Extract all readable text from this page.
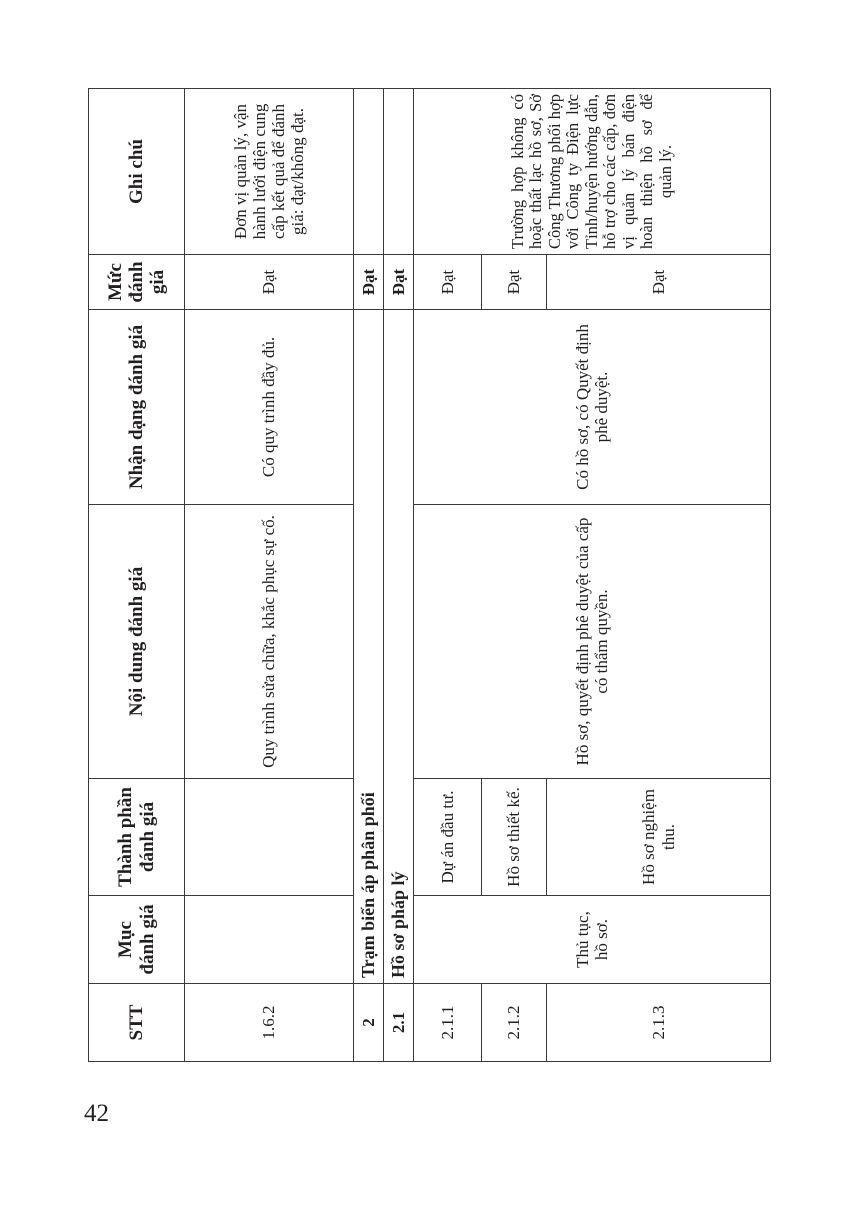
STT	Mục đánh giá	Thành phần đánh giá	Nội dung đánh giá	Nhận dạng đánh giá	Mức đánh giá	Ghi chú
1.6.2			Quy trình sửa chữa, khắc phục sự cố.	Có quy trình đầy đủ.	Đạt	Đơn vị quản lý, vận hành lưới điện cung cấp kết quả để đánh giá: đạt/không đạt.
2	Trạm biến áp phân phối				Đạt	
2.1	Hồ sơ pháp lý				Đạt	
2.1.1	Thủ tục, hồ sơ.	Dự án đầu tư.	Hồ sơ, quyết định phê duyệt của cấp có thẩm quyền.	Có hồ sơ, có Quyết định phê duyệt.	Đạt	Trường hợp không có hoặc thất lạc hồ sơ, Sở Công Thương phối hợp với Công ty Điện lực Tỉnh/huyện hướng dẫn, hỗ trợ cho các cấp, đơn vị quản lý bán điện hoàn thiện hồ sơ để quản lý.
2.1.2		Hồ sơ thiết kế.			Đạt	
2.1.3		Hồ sơ nghiệm thu.			Đạt	
42
